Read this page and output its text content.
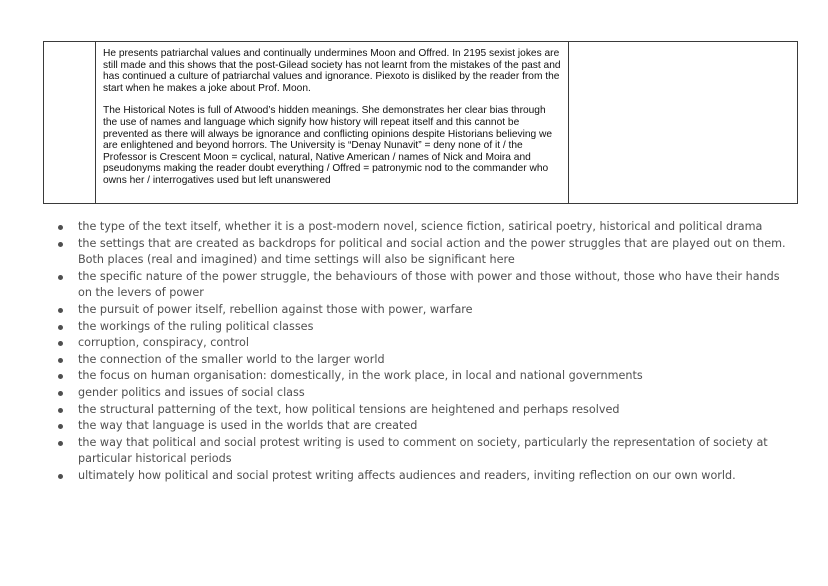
He presents patriarchal values and continually undermines Moon and Offred. In 2195 sexist jokes are still made and this shows that the post-Gilead society has not learnt from the mistakes of the past and has continued a culture of patriarchal values and ignorance. Piexoto is disliked by the reader from the start when he makes a joke about Prof. Moon.

The Historical Notes is full of Atwood’s hidden meanings. She demonstrates her clear bias through the use of names and language which signify how history will repeat itself and this cannot be prevented as there will always be ignorance and conflicting opinions despite Historians believing we are enlightened and beyond horrors. The University is “Denay Nunavit” = deny none of it / the Professor is Crescent Moon = cyclical, natural, Native American / names of Nick and Moira and pseudonyms making the reader doubt everything / Offred = patronymic nod to the commander who owns her / interrogatives used but left unanswered

the type of the text itself, whether it is a post-modern novel, science fiction, satirical poetry, historical and political drama
the settings that are created as backdrops for political and social action and the power struggles that are played out on them. Both places (real and imagined) and time settings will also be significant here
the specific nature of the power struggle, the behaviours of those with power and those without, those who have their hands on the levers of power
the pursuit of power itself, rebellion against those with power, warfare
the workings of the ruling political classes
corruption, conspiracy, control
the connection of the smaller world to the larger world
the focus on human organisation: domestically, in the work place, in local and national governments
gender politics and issues of social class
the structural patterning of the text, how political tensions are heightened and perhaps resolved
the way that language is used in the worlds that are created
the way that political and social protest writing is used to comment on society, particularly the representation of society at particular historical periods
ultimately how political and social protest writing affects audiences and readers, inviting reflection on our own world.
